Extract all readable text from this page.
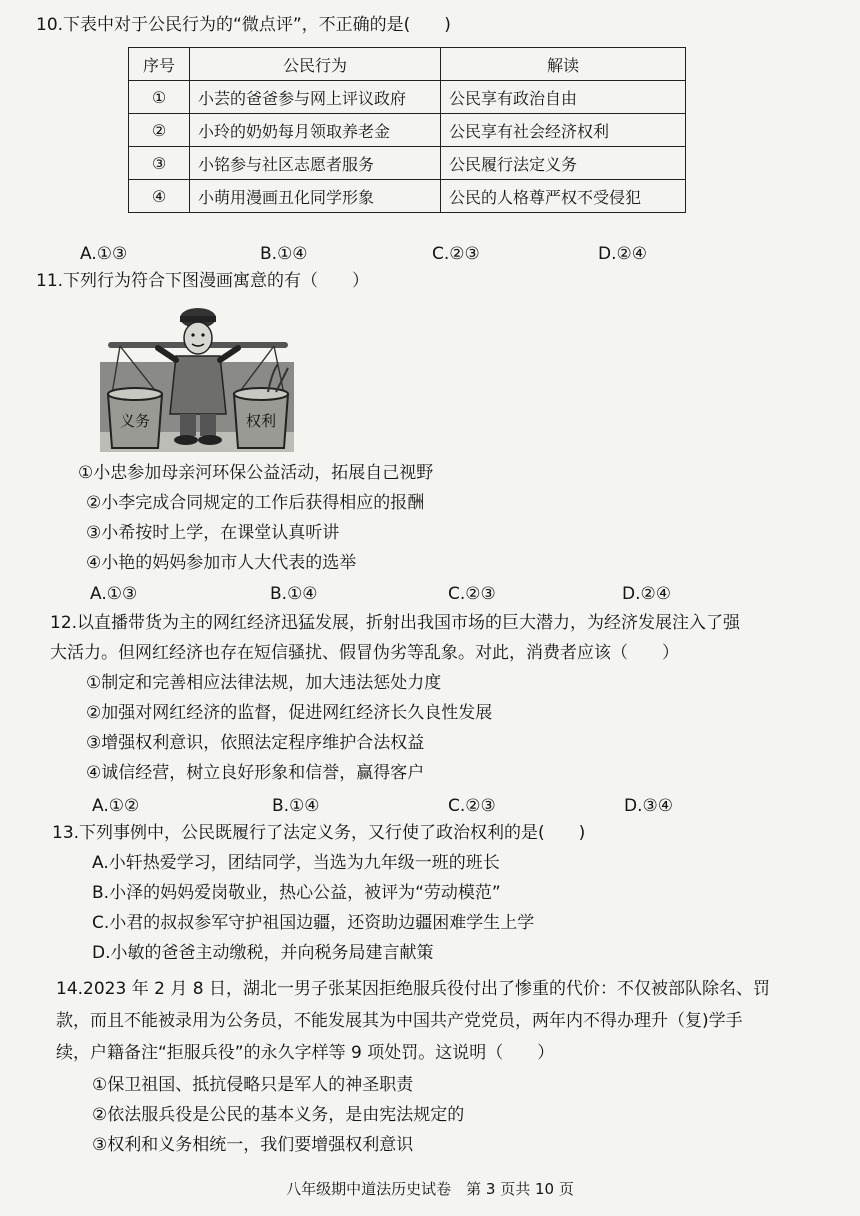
10.下表中对于公民行为的“微点评”，不正确的是(　　)
序号	公民行为	解读
①	小芸的爸爸参与网上评议政府	公民享有政治自由
②	小玲的奶奶每月领取养老金	公民享有社会经济权利
③	小铭参与社区志愿者服务	公民履行法定义务
④	小萌用漫画丑化同学形象	公民的人格尊严权不受侵犯
A.①③	B.①④	C.②③	D.②④
11.下列行为符合下图漫画寓意的有（　　）
义务	权利
①小忠参加母亲河环保公益活动，拓展自己视野
②小李完成合同规定的工作后获得相应的报酬
③小希按时上学，在课堂认真听讲
④小艳的妈妈参加市人大代表的选举
A.①③	B.①④	C.②③	D.②④
12.以直播带货为主的网红经济迅猛发展，折射出我国市场的巨大潜力，为经济发展注入了强
大活力。但网红经济也存在短信骚扰、假冒伪劣等乱象。对此，消费者应该（　　）
①制定和完善相应法律法规，加大违法惩处力度
②加强对网红经济的监督，促进网红经济长久良性发展
③增强权利意识，依照法定程序维护合法权益
④诚信经营，树立良好形象和信誉，赢得客户
A.①②	B.①④	C.②③	D.③④
13.下列事例中，公民既履行了法定义务，又行使了政治权利的是(　　)
A.小轩热爱学习，团结同学，当选为九年级一班的班长
B.小泽的妈妈爱岗敬业，热心公益，被评为“劳动模范”
C.小君的叔叔参军守护祖国边疆，还资助边疆困难学生上学
D.小敏的爸爸主动缴税，并向税务局建言献策
14.2023 年 2 月 8 日，湖北一男子张某因拒绝服兵役付出了惨重的代价：不仅被部队除名、罚
款，而且不能被录用为公务员，不能发展其为中国共产党党员，两年内不得办理升（复)学手
续，户籍备注“拒服兵役”的永久字样等 9 项处罚。这说明（　　）
①保卫祖国、抵抗侵略只是军人的神圣职责
②依法服兵役是公民的基本义务，是由宪法规定的
③权利和义务相统一，我们要增强权利意识
八年级期中道法历史试卷　第 3 页共 10 页
